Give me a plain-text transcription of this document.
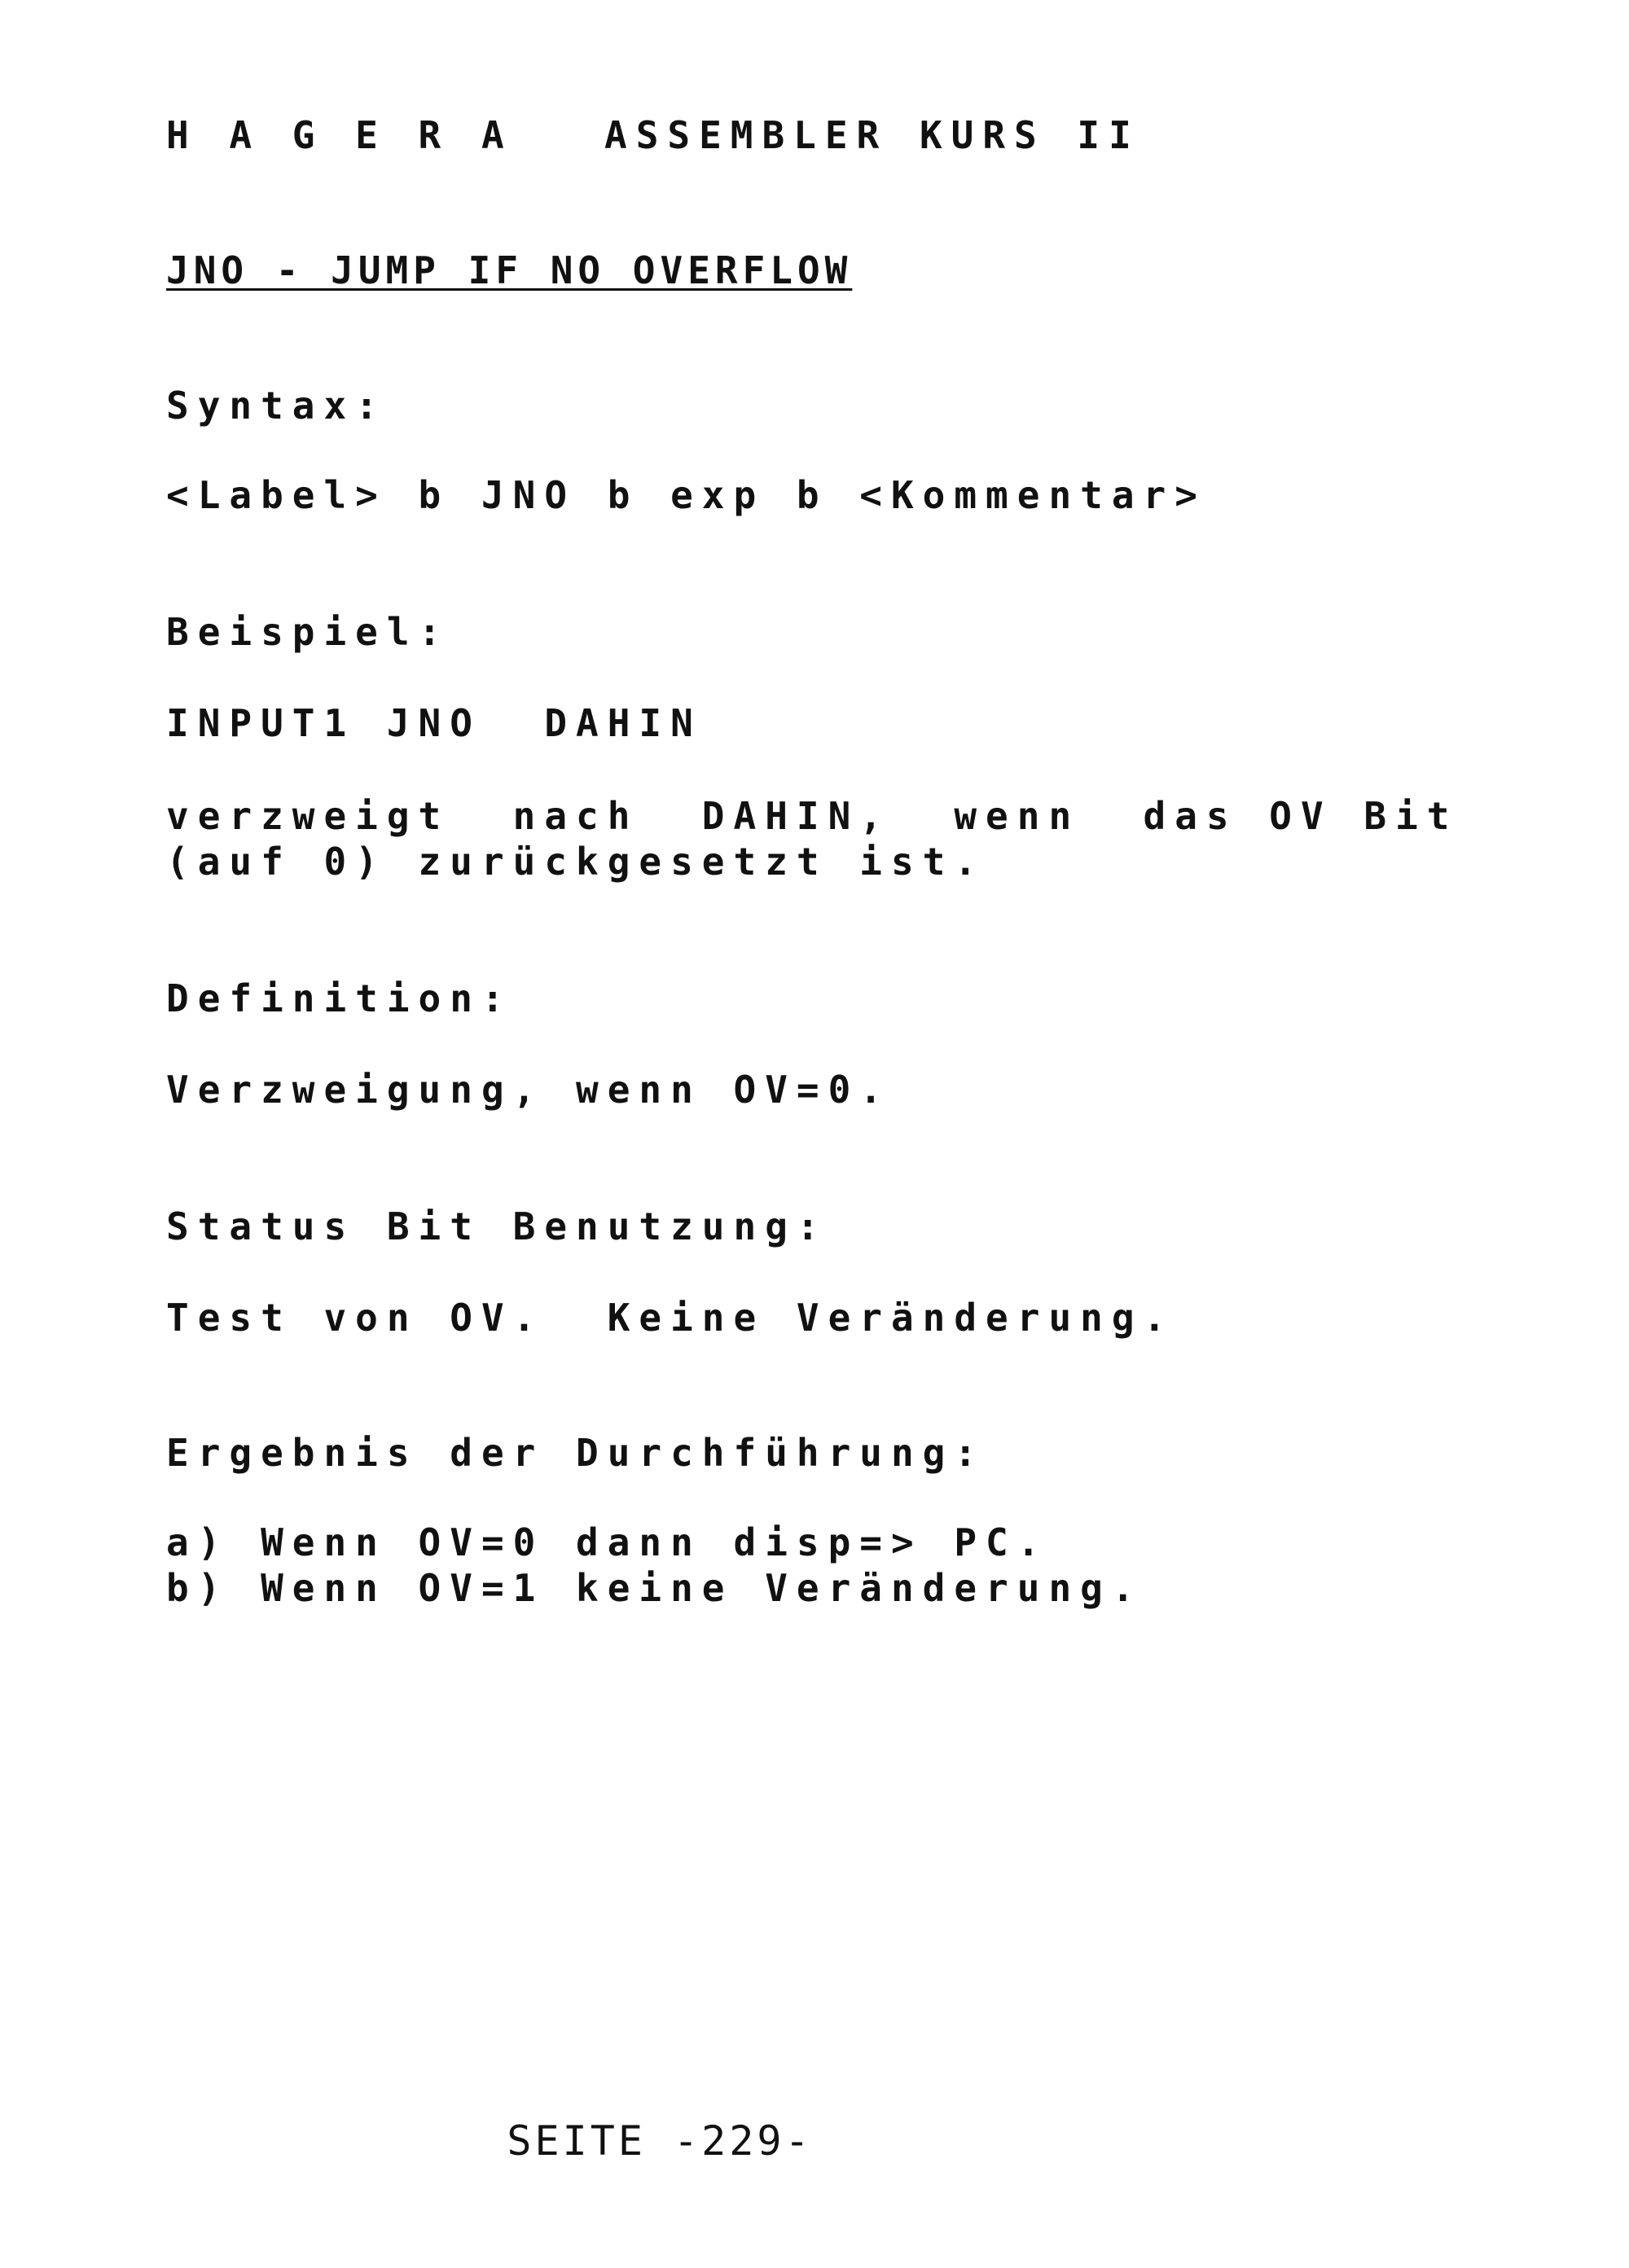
H A G E R A ASSEMBLER KURS II
JNO - JUMP IF NO OVERFLOW
Syntax:
<Label> b JNO b exp b <Kommentar>
Beispiel:
INPUT1 JNO  DAHIN
verzweigt  nach  DAHIN,  wenn  das OV Bit
(auf 0) zurückgesetzt ist.
Definition:
Verzweigung, wenn OV=0.
Status Bit Benutzung:
Test von OV.  Keine Veränderung.
Ergebnis der Durchführung:
a) Wenn OV=0 dann disp=> PC.
b) Wenn OV=1 keine Veränderung.
SEITE -229-
